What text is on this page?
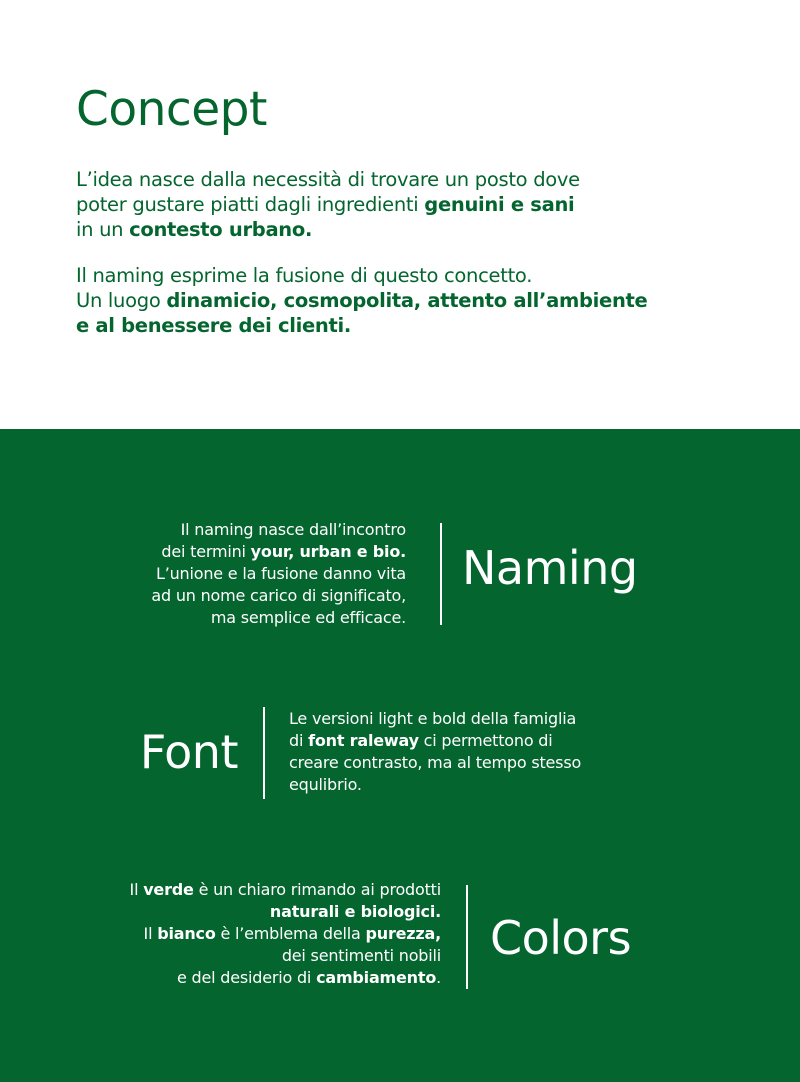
Concept
L’idea nasce dalla necessità di trovare un posto dove
poter gustare piatti dagli ingredienti genuini e sani
in un contesto urbano.
Il naming esprime la fusione di questo concetto.
Un luogo dinamicio, cosmopolita, attento all’ambiente
e al benessere dei clienti.
Il naming nasce dall’incontro
dei termini your, urban e bio.
L’unione e la fusione danno vita
ad un nome carico di significato,
ma semplice ed efficace.
Naming
Font
Le versioni light e bold della famiglia
di font raleway ci permettono di
creare contrasto, ma al tempo stesso
equlibrio.
Il verde è un chiaro rimando ai prodotti
naturali e biologici.
Il bianco è l’emblema della purezza,
dei sentimenti nobili
e del desiderio di cambiamento.
Colors
